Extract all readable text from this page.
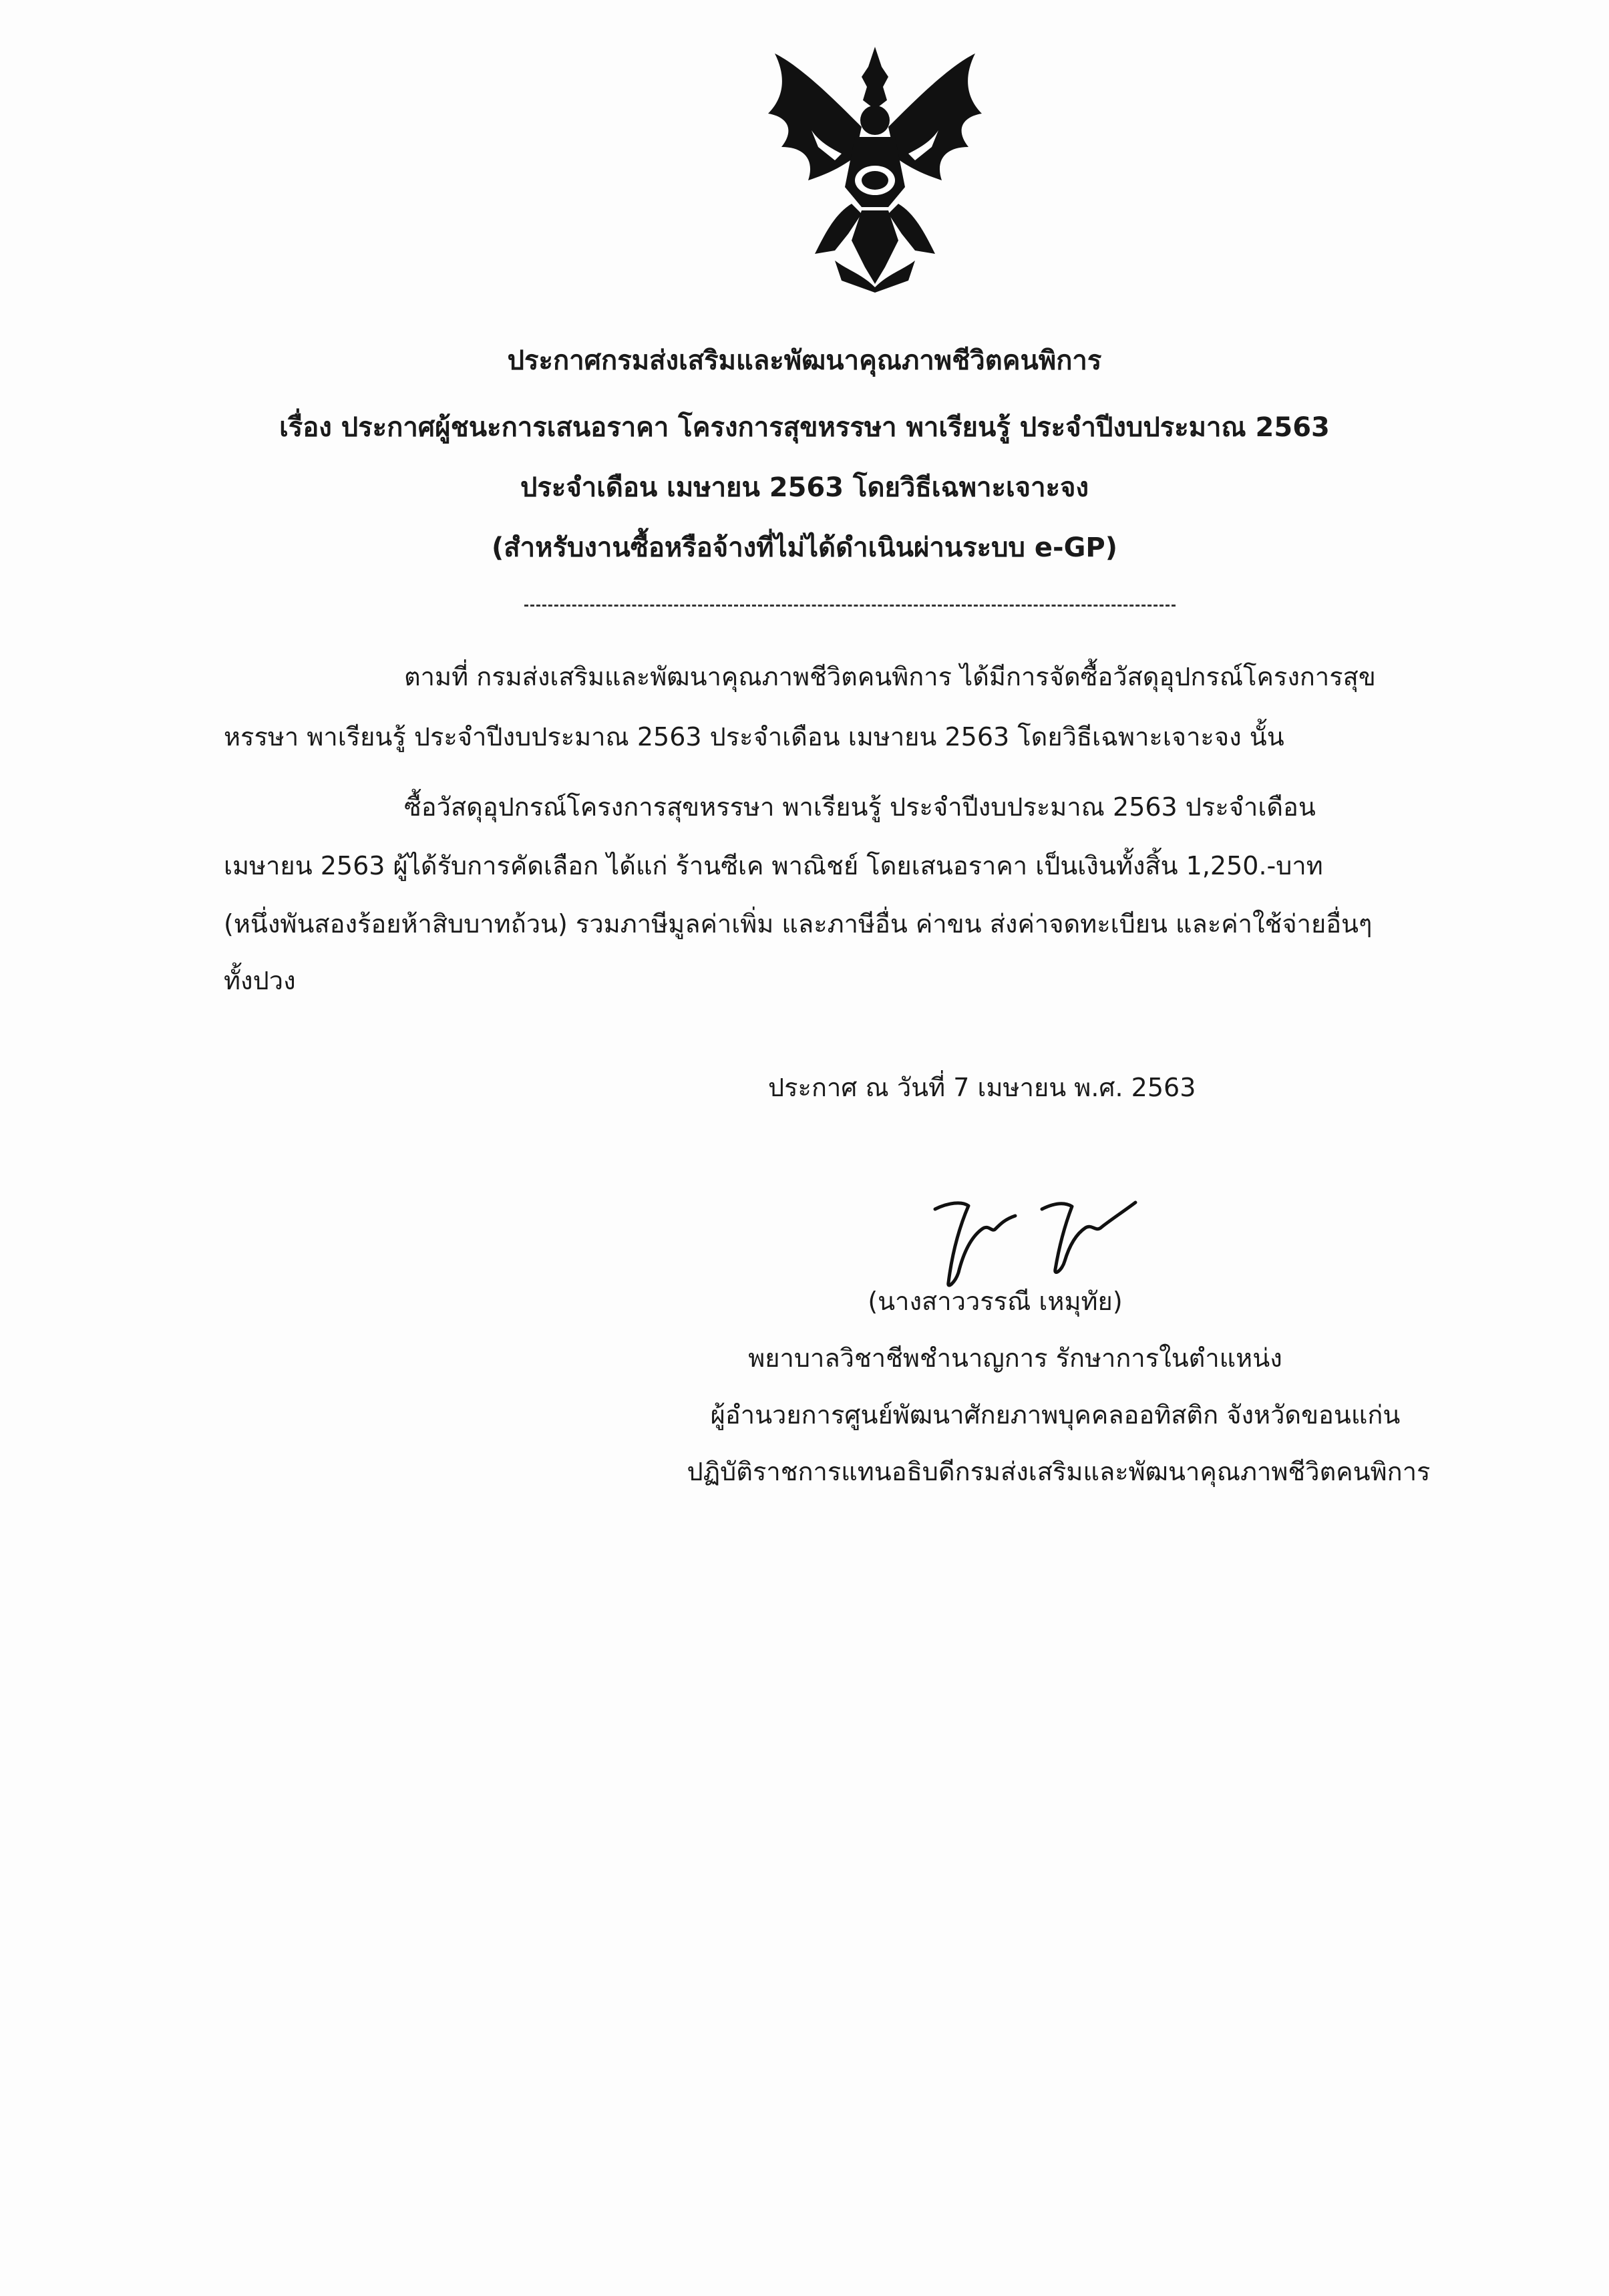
ประกาศกรมส่งเสริมและพัฒนาคุณภาพชีวิตคนพิการ
เรื่อง ประกาศผู้ชนะการเสนอราคา โครงการสุขหรรษา พาเรียนรู้ ประจำปีงบประมาณ 2563
ประจำเดือน เมษายน 2563 โดยวิธีเฉพาะเจาะจง
(สำหรับงานซื้อหรือจ้างที่ไม่ได้ดำเนินผ่านระบบ e-GP)
ตามที่ กรมส่งเสริมและพัฒนาคุณภาพชีวิตคนพิการ ได้มีการจัดซื้อวัสดุอุปกรณ์โครงการสุข
หรรษา พาเรียนรู้ ประจำปีงบประมาณ 2563 ประจำเดือน เมษายน 2563 โดยวิธีเฉพาะเจาะจง นั้น
ซื้อวัสดุอุปกรณ์โครงการสุขหรรษา พาเรียนรู้ ประจำปีงบประมาณ 2563 ประจำเดือน
เมษายน 2563 ผู้ได้รับการคัดเลือก ได้แก่ ร้านซีเค พาณิชย์ โดยเสนอราคา เป็นเงินทั้งสิ้น 1,250.-บาท
(หนึ่งพันสองร้อยห้าสิบบาทถ้วน) รวมภาษีมูลค่าเพิ่ม และภาษีอื่น ค่าขน ส่งค่าจดทะเบียน และค่าใช้จ่ายอื่นๆ
ทั้งปวง
ประกาศ ณ วันที่ 7 เมษายน พ.ศ. 2563
(นางสาววรรณี เหมุทัย)
พยาบาลวิชาชีพชำนาญการ รักษาการในตำแหน่ง
ผู้อำนวยการศูนย์พัฒนาศักยภาพบุคคลออทิสติก จังหวัดขอนแก่น
ปฏิบัติราชการแทนอธิบดีกรมส่งเสริมและพัฒนาคุณภาพชีวิตคนพิการ
